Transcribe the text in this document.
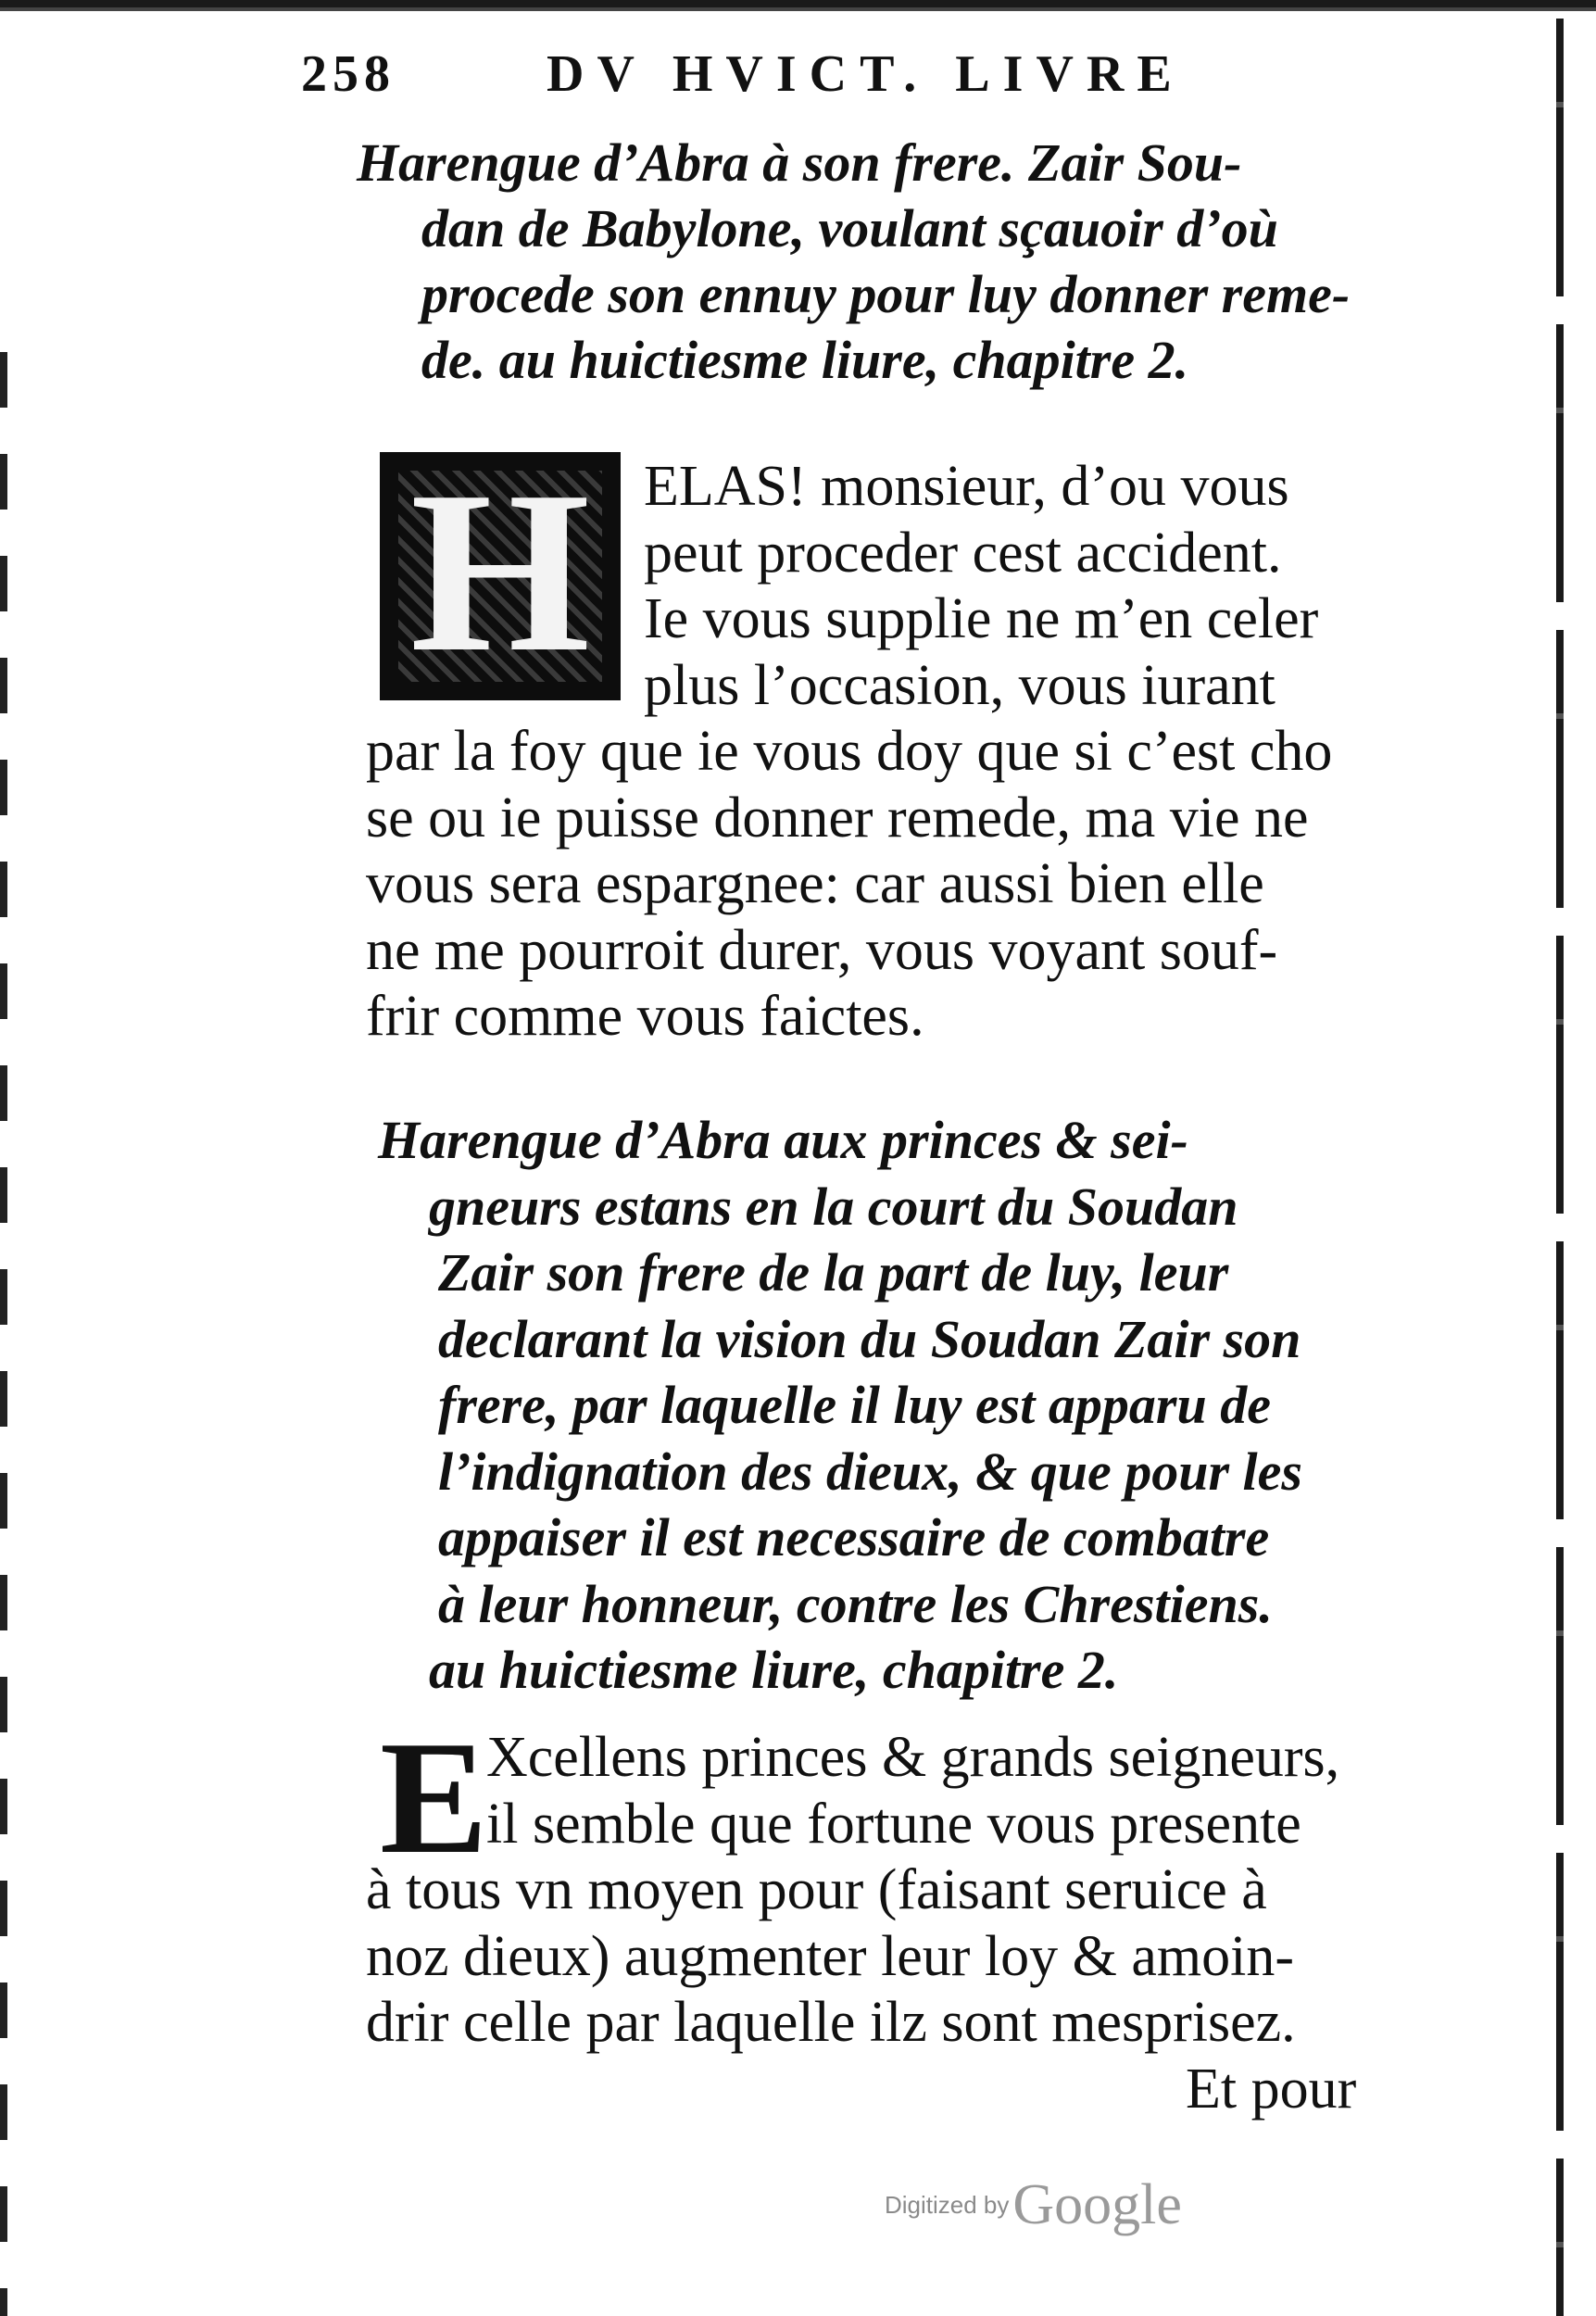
258	DV HVICT. LIVRE
Harengue d’Abra à son frere. Zair Sou-
dan de Babylone, voulant sçauoir d’où
procede son ennuy pour luy donner reme-
de. au huictiesme liure, chapitre 2.
H ELAS! monsieur, d’ou vous
peut proceder cest accident.
Ie vous supplie ne m’en celer
plus l’occasion, vous iurant
par la foy que ie vous doy que si c’est cho
se ou ie puisse donner remede, ma vie ne
vous sera espargnee: car aussi bien elle
ne me pourroit durer, vous voyant souf-
frir comme vous faictes.
Harengue d’Abra aux princes & sei-
gneurs estans en la court du Soudan
Zair son frere de la part de luy, leur
declarant la vision du Soudan Zair son
frere, par laquelle il luy est apparu de
l’indignation des dieux, & que pour les
appaiser il est necessaire de combatre
à leur honneur, contre les Chrestiens.
au huictiesme liure, chapitre 2.
E
Xcellens princes & grands seigneurs,
il semble que fortune vous presente
à tous vn moyen pour (faisant seruice à
noz dieux) augmenter leur loy & amoin-
drir celle par laquelle ilz sont mesprisez.
Et pour
Digitized by Google
